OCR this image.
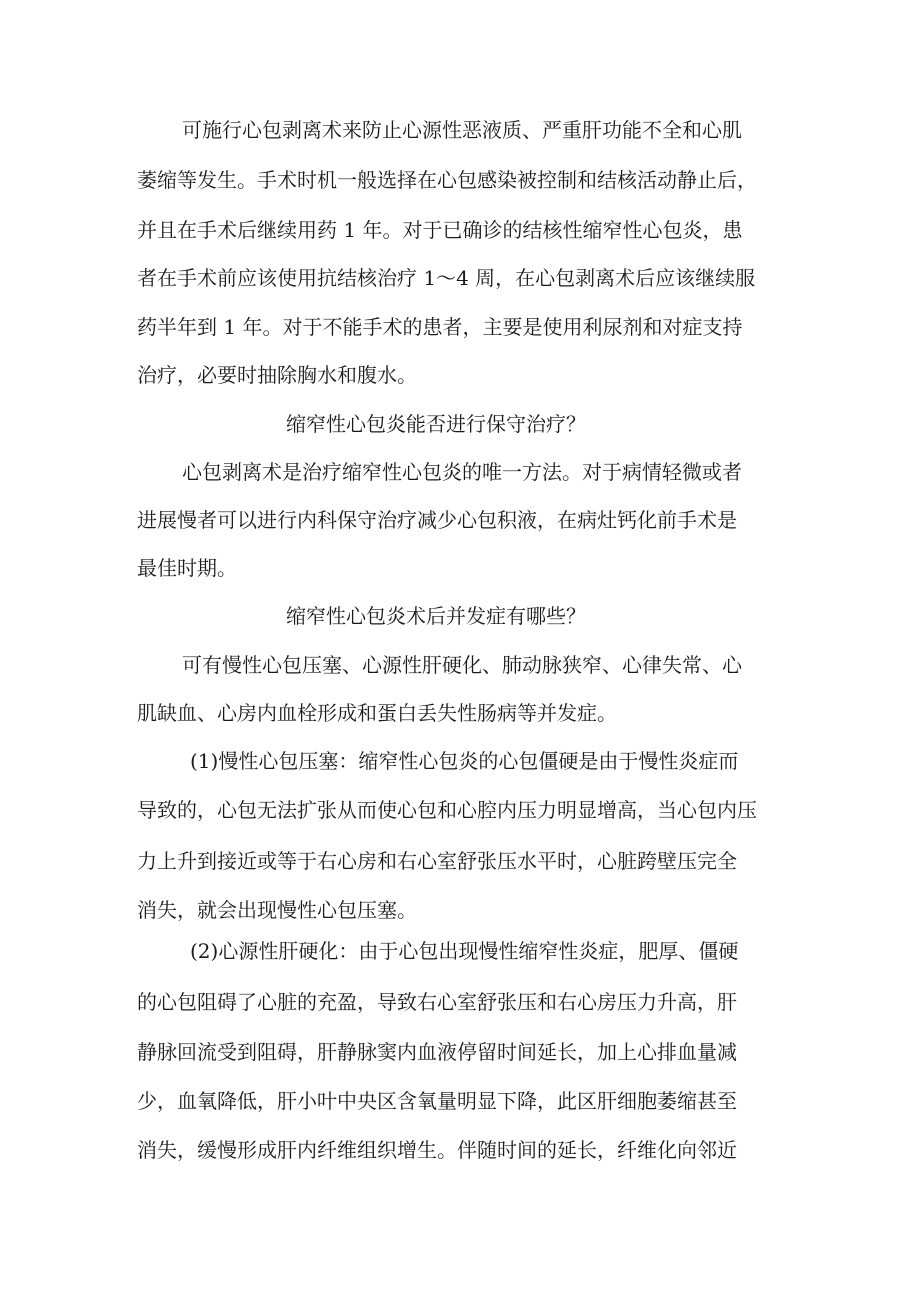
可施行心包剥离术来防止心源性恶液质、严重肝功能不全和心肌

萎缩等发生。手术时机一般选择在心包感染被控制和结核活动静止后，

并且在手术后继续用药 1 年。对于已确诊的结核性缩窄性心包炎，患

者在手术前应该使用抗结核治疗 1～4 周，在心包剥离术后应该继续服

药半年到 1 年。对于不能手术的患者，主要是使用利尿剂和对症支持

治疗，必要时抽除胸水和腹水。

缩窄性心包炎能否进行保守治疗？

心包剥离术是治疗缩窄性心包炎的唯一方法。对于病情轻微或者

进展慢者可以进行内科保守治疗减少心包积液，在病灶钙化前手术是

最佳时期。

缩窄性心包炎术后并发症有哪些？

可有慢性心包压塞、心源性肝硬化、肺动脉狭窄、心律失常、心

肌缺血、心房内血栓形成和蛋白丢失性肠病等并发症。

(1)慢性心包压塞：缩窄性心包炎的心包僵硬是由于慢性炎症而

导致的，心包无法扩张从而使心包和心腔内压力明显增高，当心包内压

力上升到接近或等于右心房和右心室舒张压水平时，心脏跨壁压完全

消失，就会出现慢性心包压塞。

(2)心源性肝硬化：由于心包出现慢性缩窄性炎症，肥厚、僵硬

的心包阻碍了心脏的充盈，导致右心室舒张压和右心房压力升高，肝

静脉回流受到阻碍，肝静脉窦内血液停留时间延长，加上心排血量减

少，血氧降低，肝小叶中央区含氧量明显下降，此区肝细胞萎缩甚至

消失，缓慢形成肝内纤维组织增生。伴随时间的延长，纤维化向邻近
